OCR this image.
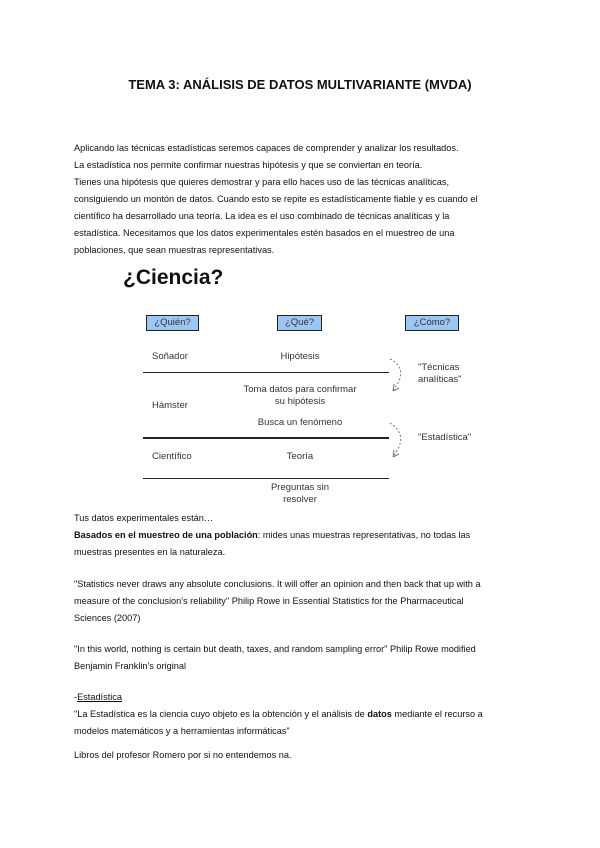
TEMA 3: ANÁLISIS DE DATOS MULTIVARIANTE (MVDA)
Aplicando las técnicas estadísticas seremos capaces de comprender y analizar los resultados.
La estadística nos permite confirmar nuestras hipótesis y que se conviertan en teoría.
Tienes una hipótesis que quieres demostrar y para ello haces uso de las técnicas analíticas,
consiguiendo un montón de datos. Cuando esto se repite es estadísticamente fiable y es cuando el
científico ha desarrollado una teoría. La idea es el uso combinado de técnicas analíticas y la
estadística. Necesitamos que los datos experimentales estén basados en el muestreo de una
poblaciones, que sean muestras representativas.
¿Ciencia?
¿Quién?	¿Qué?	¿Cómo?
Soñador
Hámster
Científico
Hipótesis
Toma datos para confirmar
su hipótesis
Busca un fenómeno
Teoría
Preguntas sin
resolver
"Técnicas
analíticas"
"Estadística"
Tus datos experimentales están…
Basados en el muestreo de una población: mides unas muestras representativas, no todas las
muestras presentes en la naturaleza.
"Statistics never draws any absolute conclusions. It will offer an opinion and then back that up with a
measure of the conclusion's reliability" Philip Rowe in Essential Statistics for the Pharmaceutical
Sciences (2007)
"In this world, nothing is certain but death, taxes, and random sampling error" Philip Rowe modified
Benjamin Franklin's original
-Estadística
"La Estadística es la ciencia cuyo objeto es la obtención y el análisis de datos mediante el recurso a
modelos matemáticos y a herramientas informáticas"
Libros del profesor Romero por si no entendemos na.
